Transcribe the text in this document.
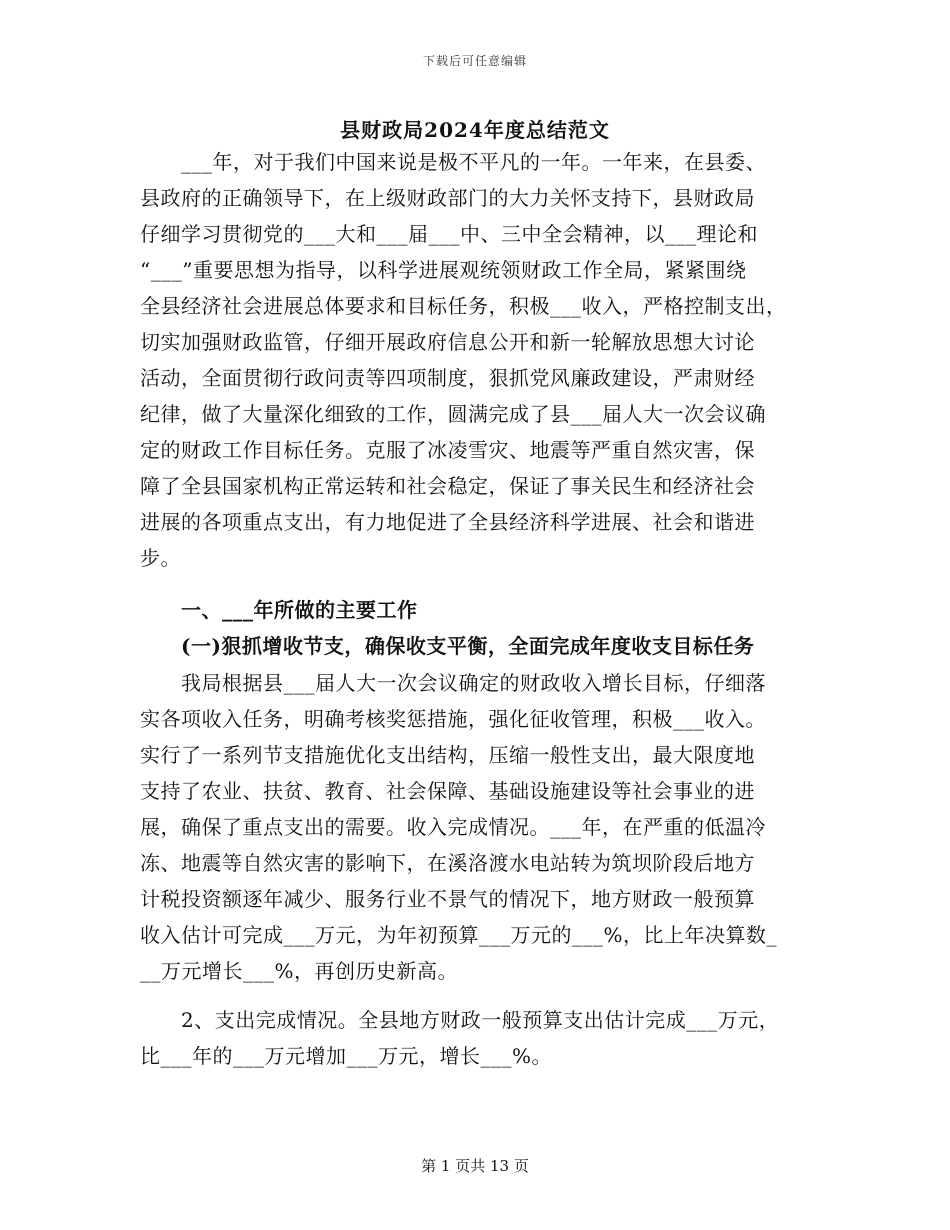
下载后可任意编辑
县财政局2024年度总结范文
　　___年，对于我们中国来说是极不平凡的一年。一年来，在县委、
县政府的正确领导下，在上级财政部门的大力关怀支持下，县财政局
仔细学习贯彻党的___大和___届___中、三中全会精神，以___理论和
“___”重要思想为指导，以科学进展观统领财政工作全局，紧紧围绕
全县经济社会进展总体要求和目标任务，积极___收入，严格控制支出，
切实加强财政监管，仔细开展政府信息公开和新一轮解放思想大讨论
活动，全面贯彻行政问责等四项制度，狠抓党风廉政建设，严肃财经
纪律，做了大量深化细致的工作，圆满完成了县___届人大一次会议确
定的财政工作目标任务。克服了冰凌雪灾、地震等严重自然灾害，保
障了全县国家机构正常运转和社会稳定，保证了事关民生和经济社会
进展的各项重点支出，有力地促进了全县经济科学进展、社会和谐进
步。
　　一、___年所做的主要工作
　　(一)狠抓增收节支，确保收支平衡，全面完成年度收支目标任务
　　我局根据县___届人大一次会议确定的财政收入增长目标，仔细落
实各项收入任务，明确考核奖惩措施，强化征收管理，积极___收入。
实行了一系列节支措施优化支出结构，压缩一般性支出，最大限度地
支持了农业、扶贫、教育、社会保障、基础设施建设等社会事业的进
展，确保了重点支出的需要。收入完成情况。___年，在严重的低温冷
冻、地震等自然灾害的影响下，在溪洛渡水电站转为筑坝阶段后地方
计税投资额逐年减少、服务行业不景气的情况下，地方财政一般预算
收入估计可完成___万元，为年初预算___万元的___%，比上年决算数_
__万元增长___%，再创历史新高。
　　2、支出完成情况。全县地方财政一般预算支出估计完成___万元，
比___年的___万元增加___万元，增长___%。
第 1 页共 13 页
